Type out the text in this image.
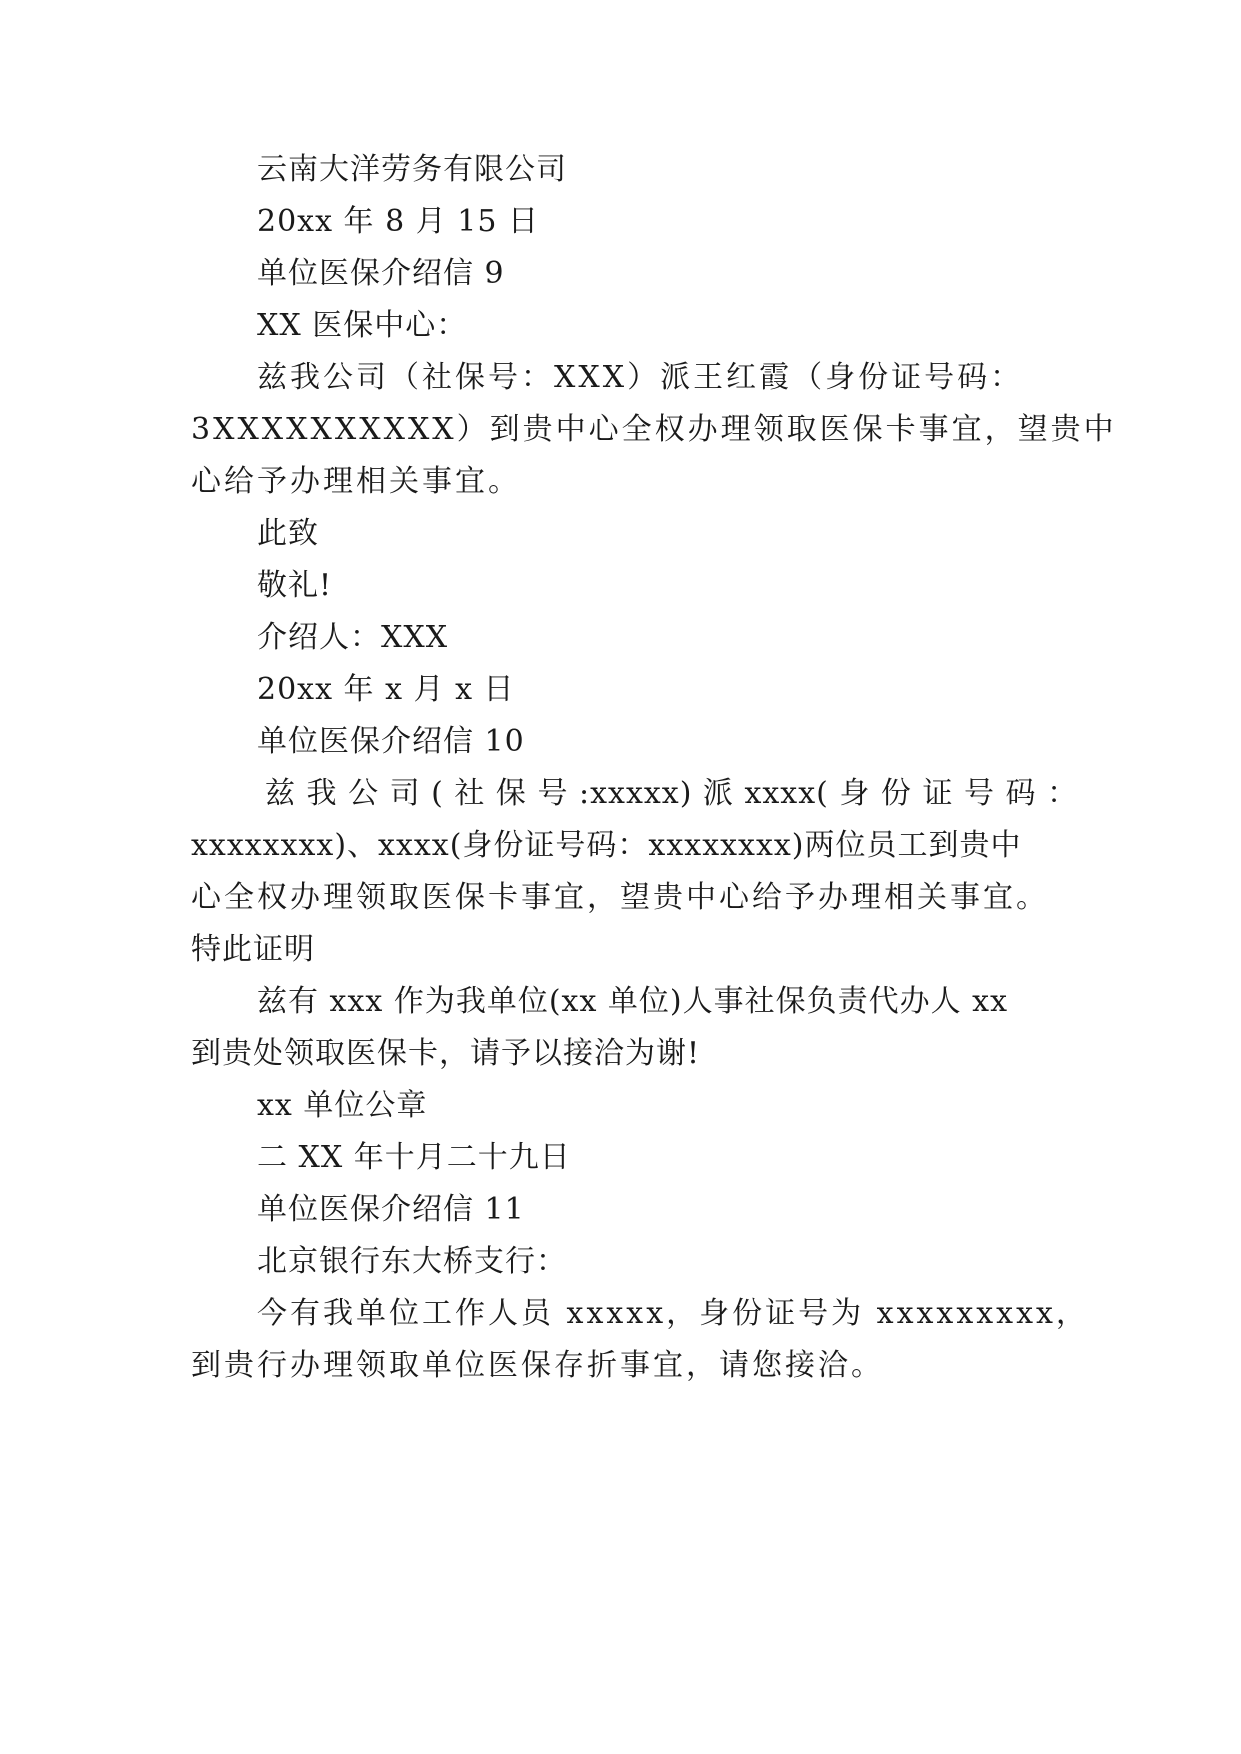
云南大洋劳务有限公司
20xx 年 8 月 15 日
单位医保介绍信 9
XX 医保中心：
兹我公司（社保号：XXX）派王红霞（身份证号码：
3XXXXXXXXXX）到贵中心全权办理领取医保卡事宜，望贵中
心给予办理相关事宜。
此致
敬礼!
介绍人：XXX
20xx 年 x 月 x 日
单位医保介绍信 10
兹 我 公 司 ( 社 保 号 :xxxxx) 派 xxxx( 身 份 证 号 码 ：
xxxxxxxx)、xxxx(身份证号码：xxxxxxxx)两位员工到贵中
心全权办理领取医保卡事宜，望贵中心给予办理相关事宜。
特此证明
兹有 xxx 作为我单位(xx 单位)人事社保负责代办人 xx
到贵处领取医保卡，请予以接洽为谢!
xx 单位公章
二 XX 年十月二十九日
单位医保介绍信 11
北京银行东大桥支行：
今有我单位工作人员 xxxxx，身份证号为 xxxxxxxxx，
到贵行办理领取单位医保存折事宜，请您接洽。
